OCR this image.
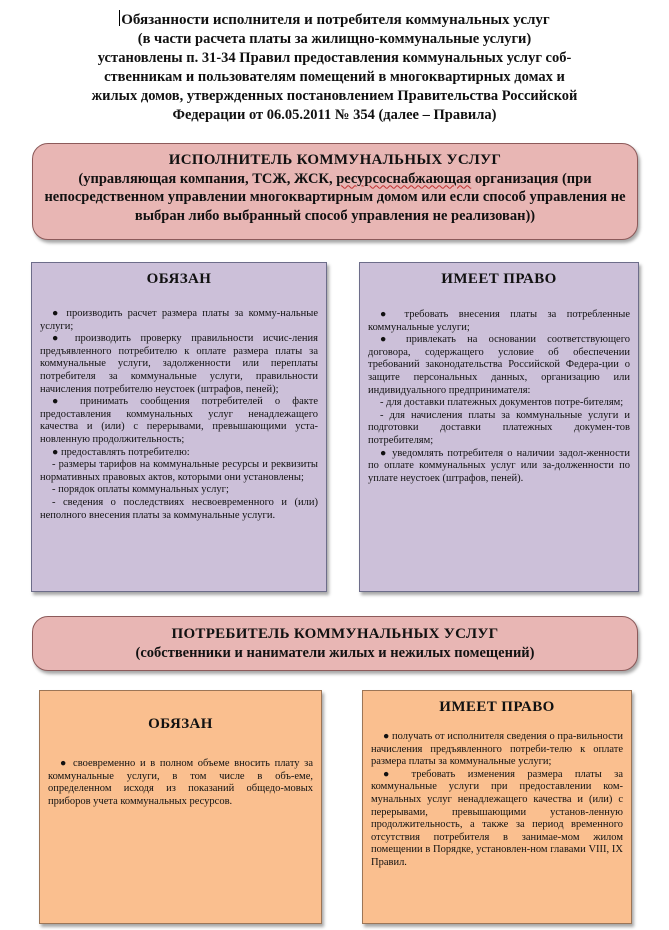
Обязанности исполнителя и потребителя коммунальных услуг
(в части расчета платы за жилищно-коммунальные услуги)
установлены п. 31-34 Правил предоставления коммунальных услуг соб-
ственникам и пользователям помещений в многоквартирных домах и
жилых домов, утвержденных постановлением Правительства Российской
Федерации от 06.05.2011 № 354 (далее – Правила)
ИСПОЛНИТЕЛЬ КОММУНАЛЬНЫХ УСЛУГ
(управляющая компания, ТСЖ, ЖСК, ресурсоснабжающая организация (при непосредственном управлении многоквартирным домом или если способ управления не выбран либо выбранный способ управления не реализован))
ОБЯЗАН

● производить расчет размера платы за комму-нальные услуги;

● производить проверку правильности исчис-ления предъявленного потребителю к оплате размера платы за коммунальные услуги, задолженности или переплаты потребителя за коммунальные услуги, правильности начисления потребителю неустоек (штрафов, пеней);

● принимать сообщения потребителей о факте предоставления коммунальных услуг ненадлежащего качества и (или) с перерывами, превышающими уста-новленную продолжительность;

● предоставлять потребителю:

- размеры тарифов на коммунальные ресурсы и реквизиты нормативных правовых актов, которыми они установлены;

- порядок оплаты коммунальных услуг;

- сведения о последствиях несвоевременного и (или) неполного внесения платы за коммунальные услуги.

ИМЕЕТ ПРАВО

● требовать внесения платы за потребленные коммунальные услуги;

● привлекать на основании соответствующего договора, содержащего условие об обеспечении требований законодательства Российской Федера-ции о защите персональных данных, организацию или индивидуального предпринимателя:

- для доставки платежных документов потре-бителям;

- для начисления платы за коммунальные услуги и подготовки доставки платежных докумен-тов потребителям;

● уведомлять потребителя о наличии задол-женности по оплате коммунальных услуг или за-долженности по уплате неустоек (штрафов, пеней).

ПОТРЕБИТЕЛЬ КОММУНАЛЬНЫХ УСЛУГ
(собственники и наниматели жилых и нежилых помещений)
ОБЯЗАН

● своевременно и в полном объеме вносить плату за коммунальные услуги, в том числе в объ-еме, определенном исходя из показаний общедо-мовых приборов учета коммунальных ресурсов.

ИМЕЕТ ПРАВО

● получать от исполнителя сведения о пра-вильности начисления предъявленного потреби-телю к оплате размера платы за коммунальные услуги;

● требовать изменения размера платы за коммунальные услуги при предоставлении ком-мунальных услуг ненадлежащего качества и (или) с перерывами, превышающими установ-ленную продолжительность, а также за период временного отсутствия потребителя в занимае-мом жилом помещении в Порядке, установлен-ном главами VIII, IX Правил.
